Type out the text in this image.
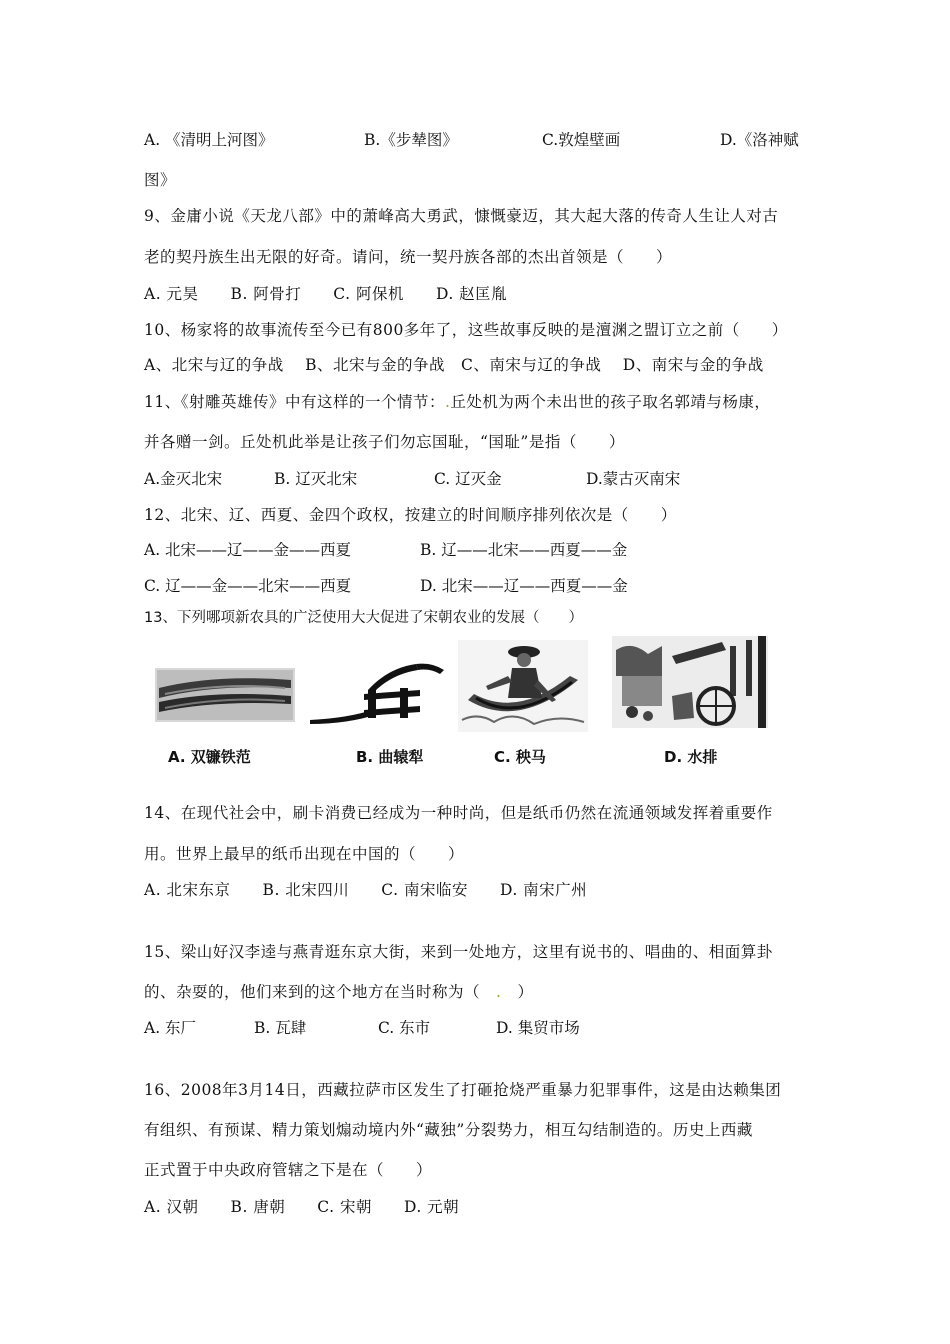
A. 《清明上河图》	B.《步辇图》	C.敦煌壁画	D.《洛神赋
图》
9、金庸小说《天龙八部》中的萧峰高大勇武，慷慨豪迈，其大起大落的传奇人生让人对古
老的契丹族生出无限的好奇。请问，统一契丹族各部的杰出首领是（　　）
A. 元昊　　B. 阿骨打　　C. 阿保机　　D. 赵匡胤
10、杨家将的故事流传至今已有800多年了，这些故事反映的是澶渊之盟订立之前（　　）
A、北宋与辽的争战　 B、北宋与金的争战　C、南宋与辽的争战　 D、南宋与金的争战
11、《射雕英雄传》中有这样的一个情节：.丘处机为两个未出世的孩子取名郭靖与杨康，
并各赠一剑。丘处机此举是让孩子们勿忘国耻，“国耻”是指（　　）
A.金灭北宋	B. 辽灭北宋	C. 辽灭金	D.蒙古灭南宋
12、北宋、辽、西夏、金四个政权，按建立的时间顺序排列依次是（　　）
A. 北宋——辽——金——西夏	B. 辽——北宋——西夏——金
C. 辽——金——北宋——西夏	D. 北宋——辽——西夏——金
13、下列哪项新农具的广泛使用大大促进了宋朝农业的发展（　　）
A. 双镰铁范	B. 曲辕犁	C. 秧马	D. 水排
14、在现代社会中，刷卡消费已经成为一种时尚，但是纸币仍然在流通领域发挥着重要作
用。世界上最早的纸币出现在中国的（　　）
A. 北宋东京　　B. 北宋四川　　C. 南宋临安　　D. 南宋广州
15、梁山好汉李逵与燕青逛东京大街，来到一处地方，这里有说书的、唱曲的、相面算卦
的、杂耍的，他们来到的这个地方在当时称为（　.　）
A. 东厂	B. 瓦肆	C. 东市	D. 集贸市场
16、2008年3月14日，西藏拉萨市区发生了打砸抢烧严重暴力犯罪事件，这是由达赖集团
有组织、有预谋、精力策划煽动境内外“藏独”分裂势力，相互勾结制造的。历史上西藏
正式置于中央政府管辖之下是在（　　）
A. 汉朝　　B. 唐朝　　C. 宋朝　　D. 元朝
